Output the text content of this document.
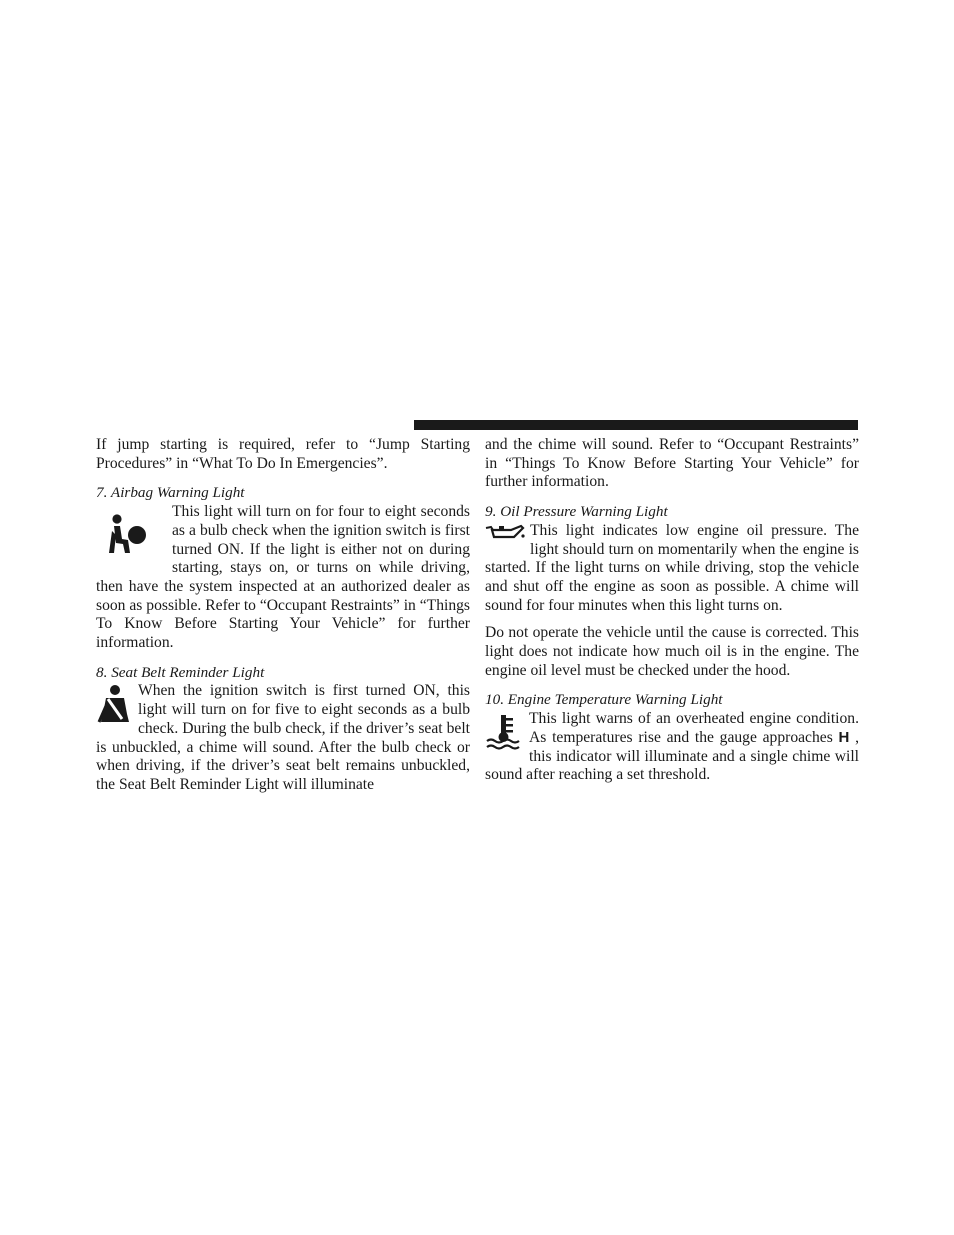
If jump starting is required, refer to “Jump Starting Procedures” in “What To Do In Emergencies”.

7. Airbag Warning Light

This light will turn on for four to eight seconds as a bulb check when the ignition switch is first turned ON. If the light is either not on during starting, stays on, or turns on while driving, then have the system inspected at an authorized dealer as soon as possible. Refer to “Occupant Restraints” in “Things To Know Before Starting Your Vehicle” for further information.

8. Seat Belt Reminder Light

When the ignition switch is first turned ON, this light will turn on for five to eight seconds as a bulb check. During the bulb check, if the driver’s seat belt is unbuckled, a chime will sound. After the bulb check or when driving, if the driver’s seat belt remains unbuckled, the Seat Belt Reminder Light will illuminate

and the chime will sound. Refer to “Occupant Restraints” in “Things To Know Before Starting Your Vehicle” for further information.

9. Oil Pressure Warning Light

This light indicates low engine oil pressure. The light should turn on momentarily when the engine is started. If the light turns on while driving, stop the vehicle and shut off the engine as soon as possible. A chime will sound for four minutes when this light turns on.

Do not operate the vehicle until the cause is corrected. This light does not indicate how much oil is in the engine. The engine oil level must be checked under the hood.

10. Engine Temperature Warning Light

This light warns of an overheated engine condition. As temperatures rise and the gauge approaches H , this indicator will illuminate and a single chime will sound after reaching a set threshold.
